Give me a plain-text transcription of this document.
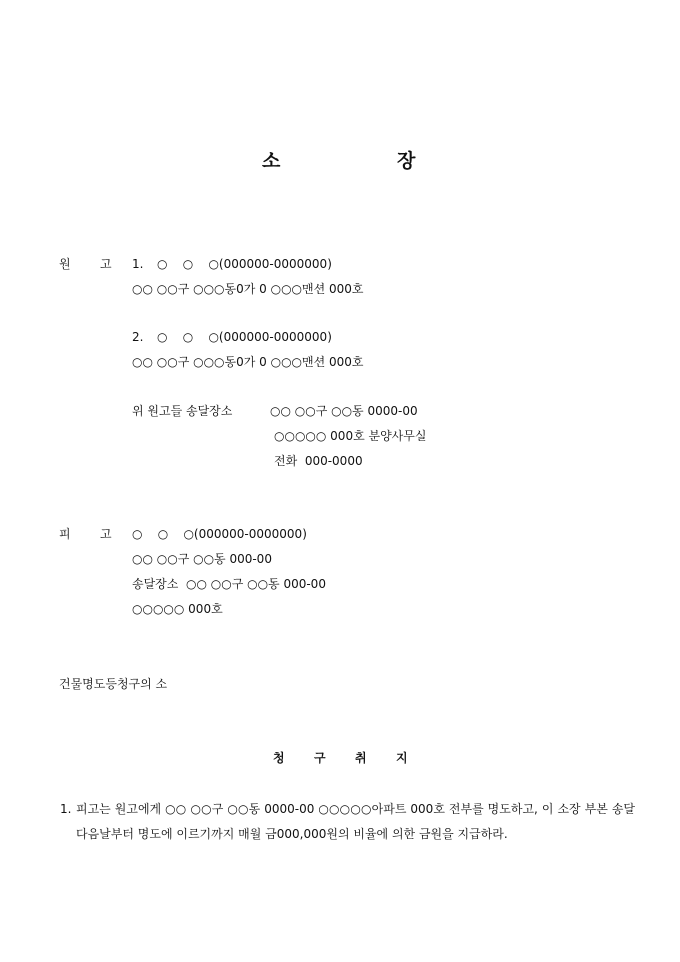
소	장
원 고 1. ○    ○    ○(000000-0000000)
○○ ○○구 ○○○동0가 0 ○○○맨션 000호
2. ○    ○    ○(000000-0000000)
○○ ○○구 ○○○동0가 0 ○○○맨션 000호
위 원고들 송달장소	○○ ○○구 ○○동 0000-00
○○○○○ 000호 분양사무실
전화  000-0000
피 고 ○    ○    ○(000000-0000000)
○○ ○○구 ○○동 000-00
송달장소  ○○ ○○구 ○○동 000-00
○○○○○ 000호
건물명도등청구의 소
청 구 취 지
1. 피고는 원고에게 ○○ ○○구 ○○동 0000-00 ○○○○○아파트 000호 전부를 명도하고, 이 소장 부본 송달 다음날부터 명도에 이르기까지 매월 금000,000원의 비율에 의한 금원을 지급하라.
